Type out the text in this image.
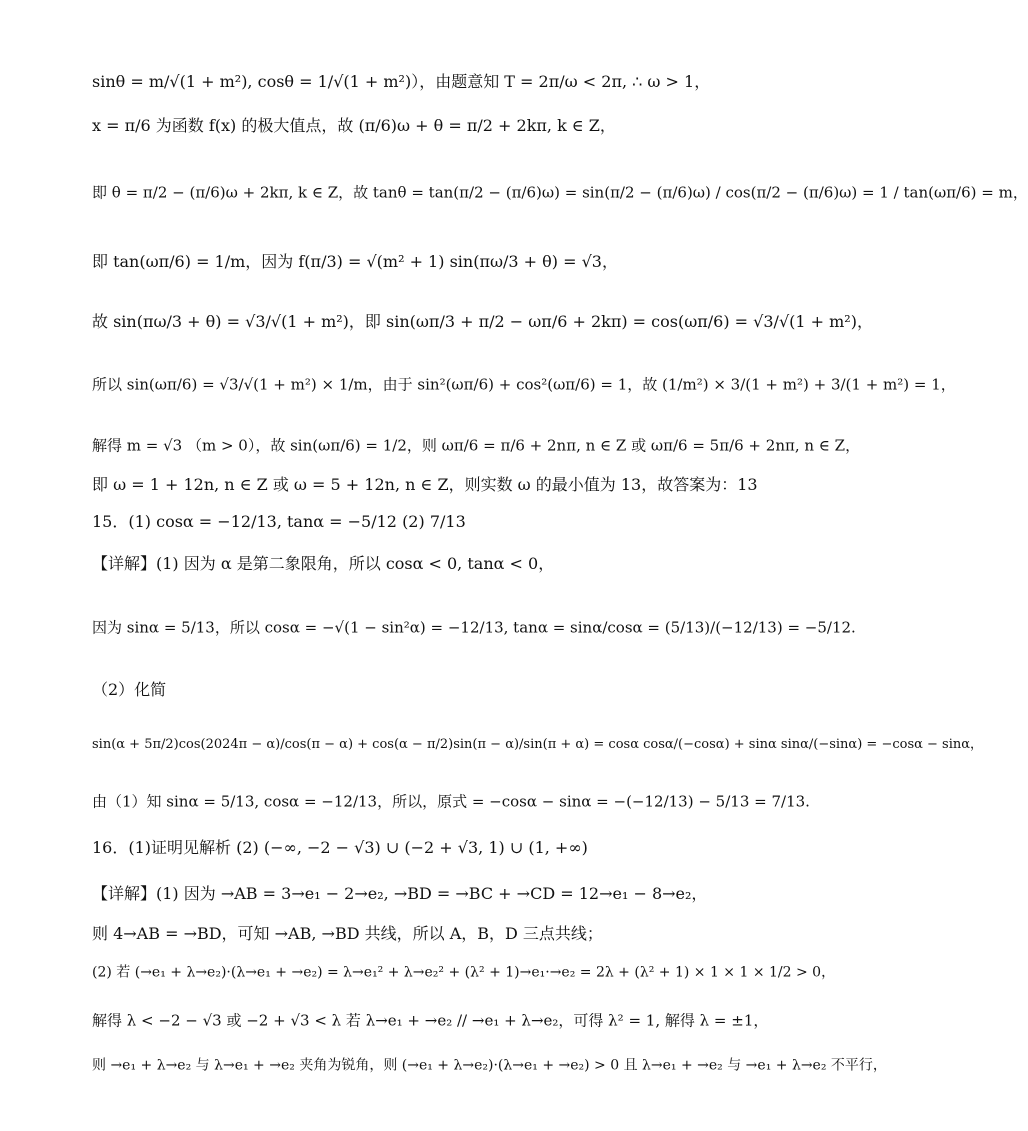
sinθ = m/√(1 + m²), cosθ = 1/√(1 + m²)），由题意知 T = 2π/ω < 2π, ∴ ω > 1，
x = π/6 为函数 f(x) 的极大值点，故 (π/6)ω + θ = π/2 + 2kπ, k ∈ Z，
即 θ = π/2 − (π/6)ω + 2kπ, k ∈ Z，故 tanθ = tan(π/2 − (π/6)ω) = sin(π/2 − (π/6)ω) / cos(π/2 − (π/6)ω) = 1 / tan(ωπ/6) = m，
即 tan(ωπ/6) = 1/m，因为 f(π/3) = √(m² + 1) sin(πω/3 + θ) = √3，
故 sin(πω/3 + θ) = √3/√(1 + m²)，即 sin(ωπ/3 + π/2 − ωπ/6 + 2kπ) = cos(ωπ/6) = √3/√(1 + m²)，
所以 sin(ωπ/6) = √3/√(1 + m²) × 1/m，由于 sin²(ωπ/6) + cos²(ωπ/6) = 1，故 (1/m²) × 3/(1 + m²) + 3/(1 + m²) = 1，
解得 m = √3 （m > 0），故 sin(ωπ/6) = 1/2，则 ωπ/6 = π/6 + 2nπ, n ∈ Z 或 ωπ/6 = 5π/6 + 2nπ, n ∈ Z，
即 ω = 1 + 12n, n ∈ Z 或 ω = 5 + 12n, n ∈ Z，则实数 ω 的最小值为 13，故答案为：13
15．(1) cosα = −12/13, tanα = −5/12 (2) 7/13
【详解】(1) 因为 α 是第二象限角，所以 cosα < 0, tanα < 0，
因为 sinα = 5/13，所以 cosα = −√(1 − sin²α) = −12/13, tanα = sinα/cosα = (5/13)/(−12/13) = −5/12.
（2）化简
sin(α + 5π/2)cos(2024π − α)/cos(π − α) + cos(α − π/2)sin(π − α)/sin(π + α) = cosα cosα/(−cosα) + sinα sinα/(−sinα) = −cosα − sinα，
由（1）知 sinα = 5/13, cosα = −12/13，所以，原式 = −cosα − sinα = −(−12/13) − 5/13 = 7/13.
16．(1)证明见解析 (2) (−∞, −2 − √3) ∪ (−2 + √3, 1) ∪ (1, +∞)
【详解】(1) 因为 →AB = 3→e₁ − 2→e₂, →BD = →BC + →CD = 12→e₁ − 8→e₂，
则 4→AB = →BD，可知 →AB, →BD 共线，所以 A，B，D 三点共线；
(2) 若 (→e₁ + λ→e₂)·(λ→e₁ + →e₂) = λ→e₁² + λ→e₂² + (λ² + 1)→e₁·→e₂ = 2λ + (λ² + 1) × 1 × 1 × 1/2 > 0，
解得 λ < −2 − √3 或 −2 + √3 < λ 若 λ→e₁ + →e₂ // →e₁ + λ→e₂，可得 λ² = 1, 解得 λ = ±1，
则 →e₁ + λ→e₂ 与 λ→e₁ + →e₂ 夹角为锐角，则 (→e₁ + λ→e₂)·(λ→e₁ + →e₂) > 0 且 λ→e₁ + →e₂ 与 →e₁ + λ→e₂ 不平行，
